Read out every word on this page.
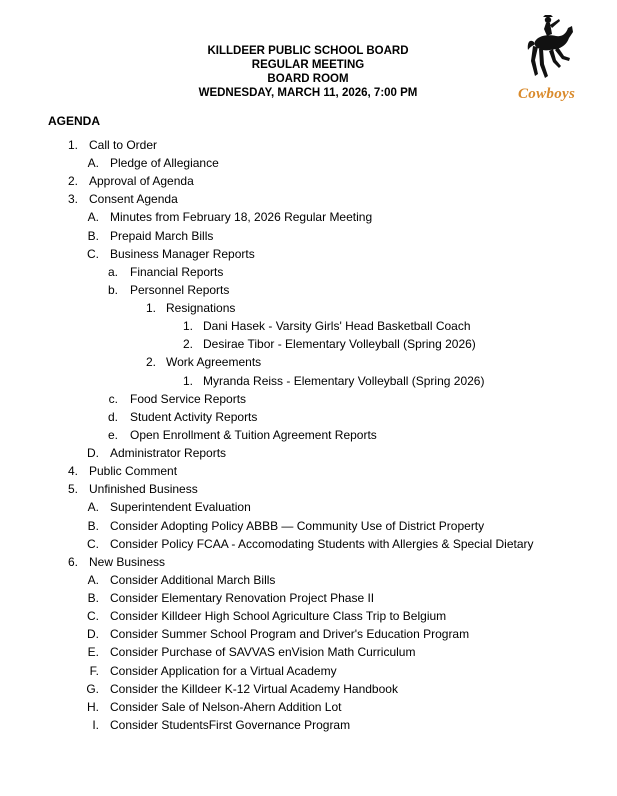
KILLDEER PUBLIC SCHOOL BOARD
REGULAR MEETING
BOARD ROOM
WEDNESDAY, MARCH 11, 2026, 7:00 PM	Cowboys
AGENDA
1. Call to Order
A. Pledge of Allegiance
2. Approval of Agenda
3. Consent Agenda
A. Minutes from February 18, 2026 Regular Meeting
B. Prepaid March Bills
C. Business Manager Reports
a. Financial Reports
b. Personnel Reports
1. Resignations
1. Dani Hasek - Varsity Girls' Head Basketball Coach
2. Desirae Tibor - Elementary Volleyball (Spring 2026)
2. Work Agreements
1. Myranda Reiss - Elementary Volleyball (Spring 2026)
c. Food Service Reports
d. Student Activity Reports
e. Open Enrollment & Tuition Agreement Reports
D. Administrator Reports
4. Public Comment
5. Unfinished Business
A. Superintendent Evaluation
B. Consider Adopting Policy ABBB — Community Use of District Property
C. Consider Policy FCAA - Accomodating Students with Allergies & Special Dietary
6. New Business
A. Consider Additional March Bills
B. Consider Elementary Renovation Project Phase II
C. Consider Killdeer High School Agriculture Class Trip to Belgium
D. Consider Summer School Program and Driver's Education Program
E. Consider Purchase of SAVVAS enVision Math Curriculum
F. Consider Application for a Virtual Academy
G. Consider the Killdeer K-12 Virtual Academy Handbook
H. Consider Sale of Nelson-Ahern Addition Lot
I. Consider StudentsFirst Governance Program
